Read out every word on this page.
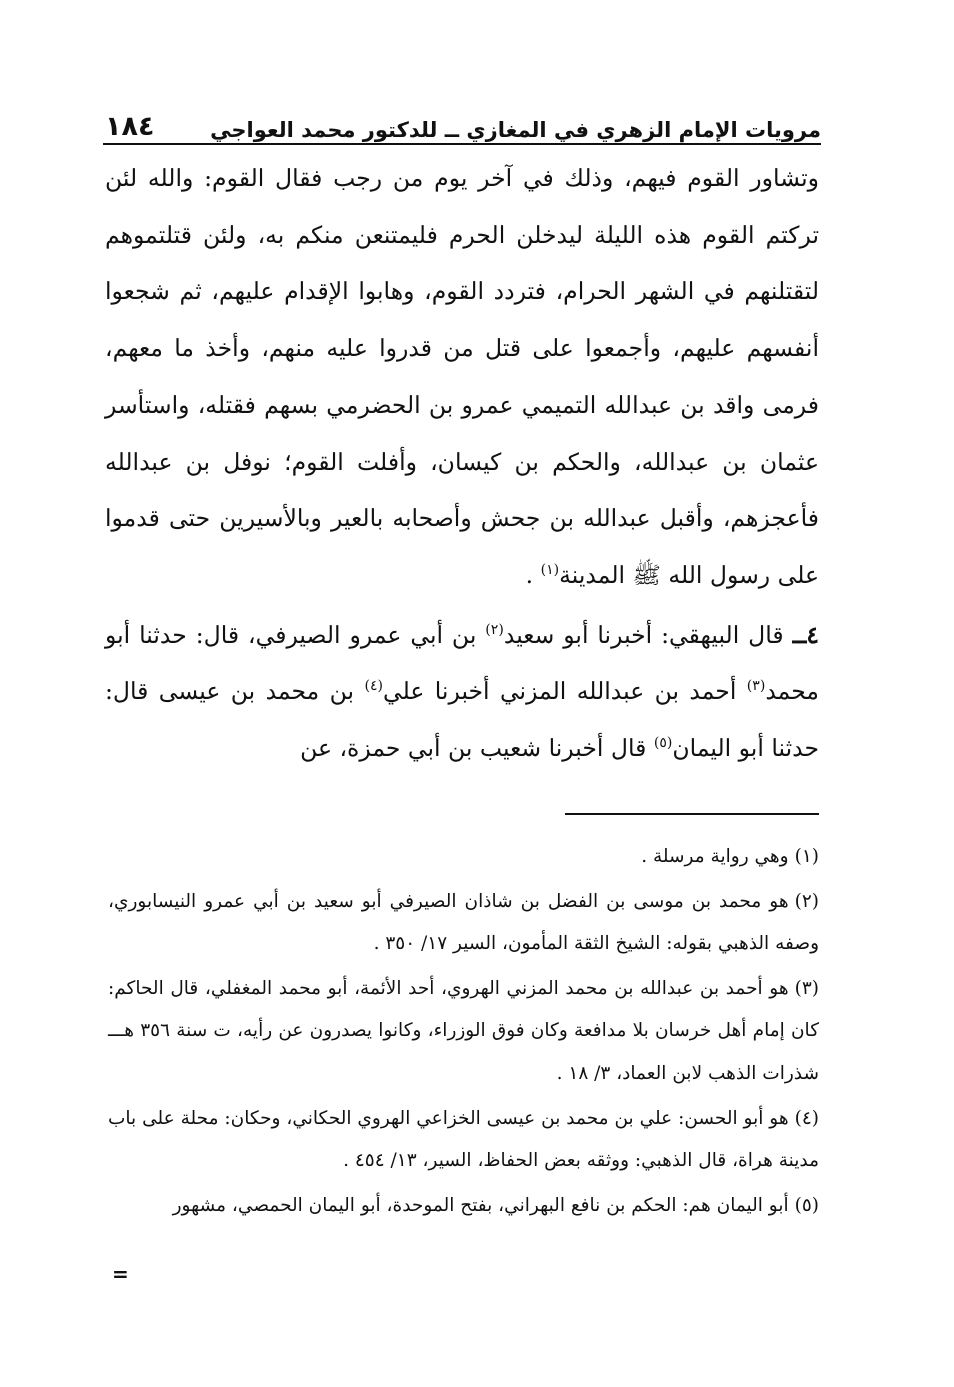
١٨٤	مرويات الإمام الزهري في المغازي ــ للدكتور محمد العواجي

وتشاور القوم فيهم، وذلك في آخر يوم من رجب فقال القوم: والله لئن تركتم القوم هذه الليلة ليدخلن الحرم فليمتنعن منكم به، ولئن قتلتموهم لتقتلنهم في الشهر الحرام، فتردد القوم، وهابوا الإقدام عليهم، ثم شجعوا أنفسهم عليهم، وأجمعوا على قتل من قدروا عليه منهم، وأخذ ما معهم، فرمى واقد بن عبدالله التميمي عمرو بن الحضرمي بسهم فقتله، واستأسر عثمان بن عبدالله، والحكم بن كيسان، وأفلت القوم؛ نوفل بن عبدالله فأعجزهم، وأقبل عبدالله بن جحش وأصحابه بالعير وبالأسيرين حتى قدموا على رسول الله ﷺ المدينة$^{(١)}$ .

٤ــ قال البيهقي: أخبرنا أبو سعيد$^{(٢)}$ بن أبي عمرو الصيرفي، قال: حدثنا أبو محمد$^{(٣)}$ أحمد بن عبدالله المزني أخبرنا علي$^{(٤)}$ بن محمد بن عيسى قال: حدثنا أبو اليمان$^{(٥)}$ قال أخبرنا شعيب بن أبي حمزة، عن

(١)وهي رواية مرسلة .

(٢)هو محمد بن موسى بن الفضل بن شاذان الصيرفي أبو سعيد بن أبي عمرو النيسابوري، وصفه الذهبي بقوله: الشيخ الثقة المأمون، السير ١٧/ ٣٥٠ .

(٣)هو أحمد بن عبدالله بن محمد المزني الهروي، أحد الأئمة، أبو محمد المغفلي، قال الحاكم: كان إمام أهل خرسان بلا مدافعة وكان فوق الوزراء، وكانوا يصدرون عن رأيه، ت سنة ٣٥٦ هـــ شذرات الذهب لابن العماد، ٣/ ١٨ .

(٤)هو أبو الحسن: علي بن محمد بن عيسى الخزاعي الهروي الحكاني، وحكان: محلة على باب مدينة هراة، قال الذهبي: ووثقه بعض الحفاظ، السير، ١٣/ ٤٥٤ .

(٥)أبو اليمان هم: الحكم بن نافع البهراني، بفتح الموحدة، أبو اليمان الحمصي، مشهور

=
